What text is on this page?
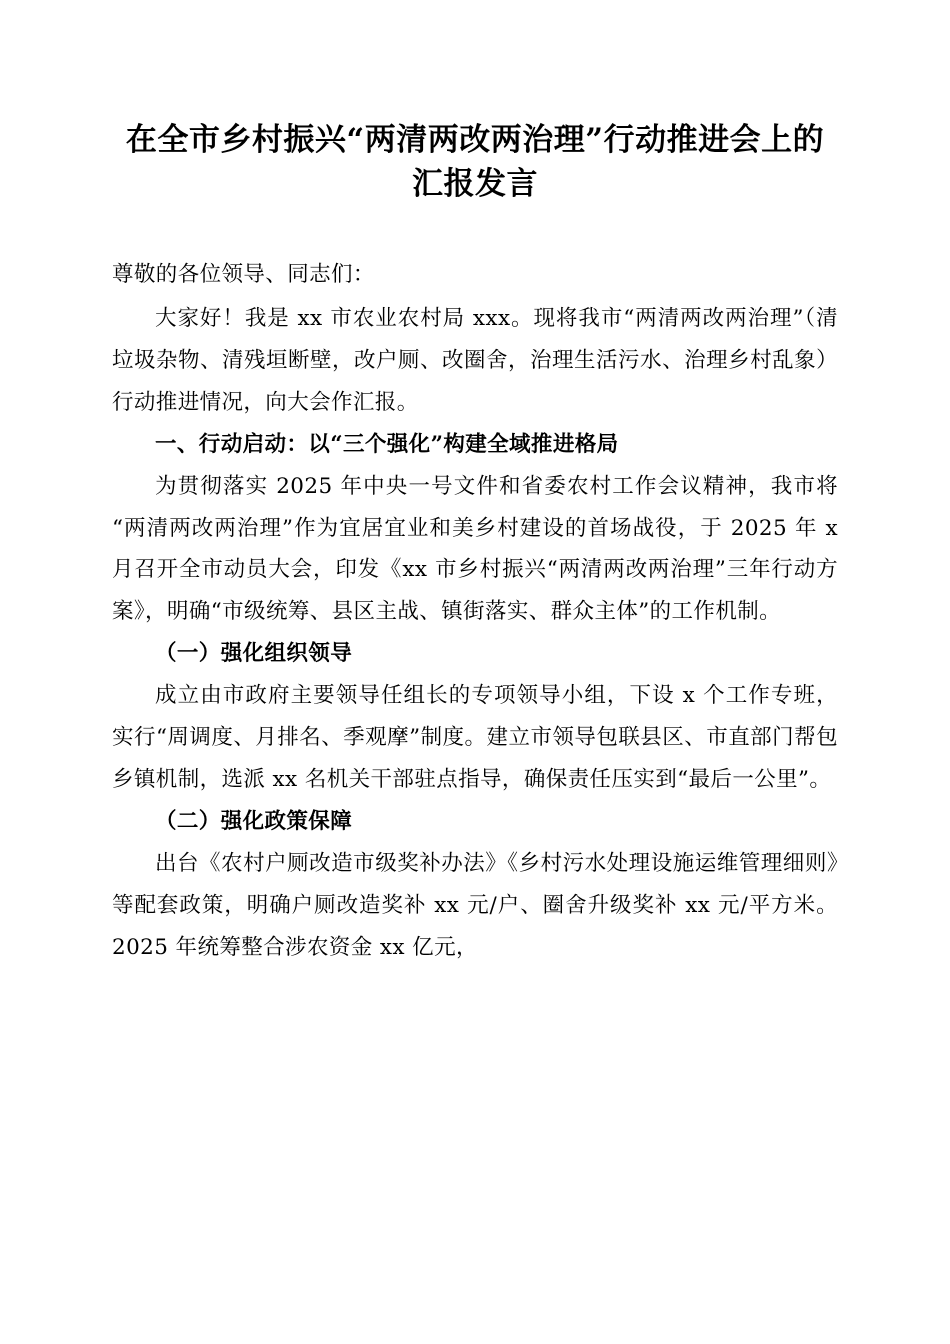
在全市乡村振兴“两清两改两治理”行动推进会上的汇报发言

尊敬的各位领导、同志们：

大家好！我是 xx 市农业农村局 xxx。现将我市“两清两改两治理”（清垃圾杂物、清残垣断壁，改户厕、改圈舍，治理生活污水、治理乡村乱象）行动推进情况，向大会作汇报。

一、行动启动：以“三个强化”构建全域推进格局

为贯彻落实 2025 年中央一号文件和省委农村工作会议精神，我市将“两清两改两治理”作为宜居宜业和美乡村建设的首场战役，于 2025 年 x 月召开全市动员大会，印发《xx 市乡村振兴“两清两改两治理”三年行动方案》，明确“市级统筹、县区主战、镇街落实、群众主体”的工作机制。

（一）强化组织领导

成立由市政府主要领导任组长的专项领导小组，下设 x 个工作专班，实行“周调度、月排名、季观摩”制度。建立市领导包联县区、市直部门帮包乡镇机制，选派 xx 名机关干部驻点指导，确保责任压实到“最后一公里”。

（二）强化政策保障

出台《农村户厕改造市级奖补办法》《乡村污水处理设施运维管理细则》等配套政策，明确户厕改造奖补 xx 元/户、圈舍升级奖补 xx 元/平方米。2025 年统筹整合涉农资金 xx 亿元，
